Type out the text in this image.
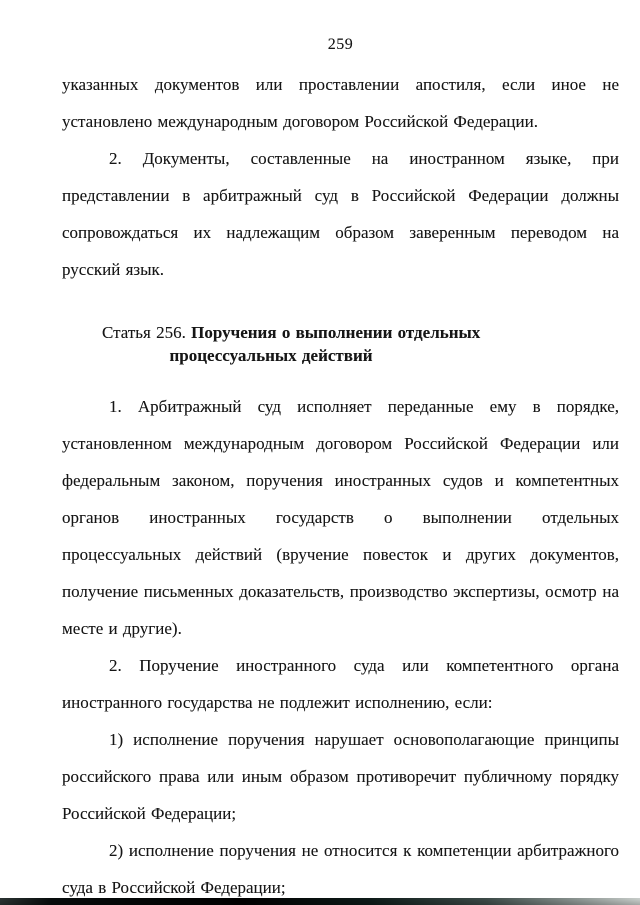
259

указанных документов или проставлении апостиля, если иное не установлено международным договором Российской Федерации.

2. Документы, составленные на иностранном языке, при представлении в арбитражный суд в Российской Федерации должны сопровождаться их надлежащим образом заверенным переводом на русский язык.

Статья 256. Поручения о выполнении отдельных
процессуальных действий

1. Арбитражный суд исполняет переданные ему в порядке, установленном международным договором Российской Федерации или федеральным законом, поручения иностранных судов и компетентных органов иностранных государств о выполнении отдельных процессуальных действий (вручение повесток и других документов, получение письменных доказательств, производство экспертизы, осмотр на месте и другие).

2. Поручение иностранного суда или компетентного органа иностранного государства не подлежит исполнению, если:

1) исполнение поручения нарушает основополагающие принципы российского права или иным образом противоречит публичному порядку Российской Федерации;

2) исполнение поручения не относится к компетенции арбитражного суда в Российской Федерации;
